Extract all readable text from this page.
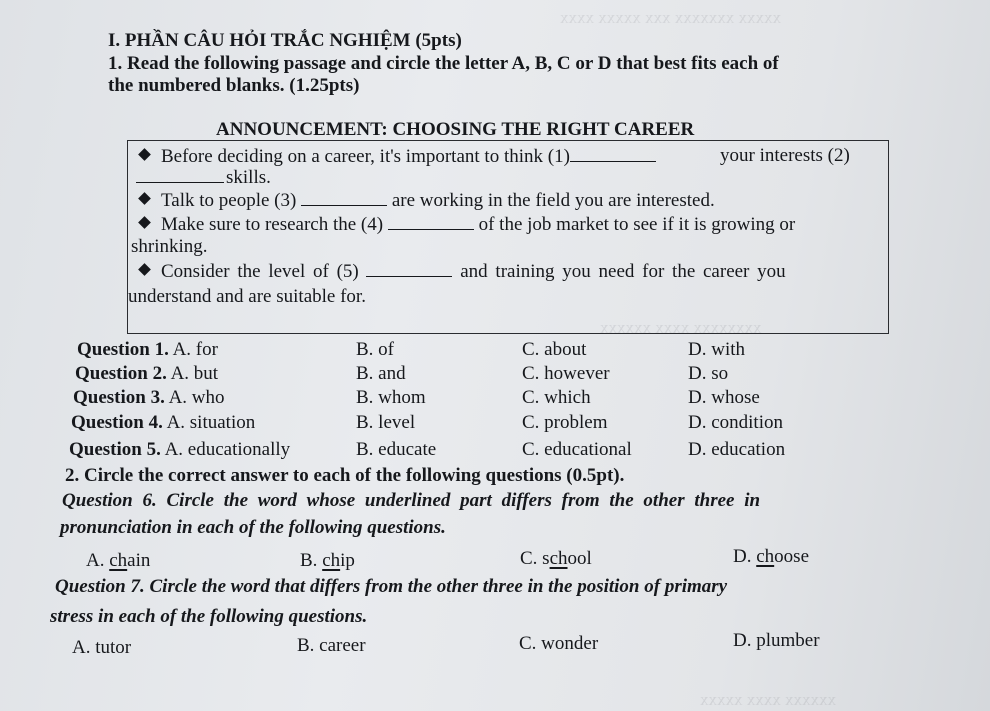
xxxxx xxxxxxx xxx xxxxx xxxx
xxxxxxxx xxxx xxxxxx
xxxxxx xxxx xxxxx
I. PHẦN CÂU HỎI TRẮC NGHIỆM (5pts)
1. Read the following passage and circle the letter A, B, C or D that best fits each of
the numbered blanks. (1.25pts)
ANNOUNCEMENT: CHOOSING THE RIGHT CAREER
Before deciding on a career, it's important to think (1)	your interests (2)
skills.
Talk to people (3)	are working in the field you are interested.
Make sure to research the (4)	of the job market to see if it is growing or
shrinking.
Consider the level of (5)	and training you need for the career you
understand and are suitable for.
Question 1. A. for	B. of	C. about	D. with
Question 2. A. but	B. and	C. however	D. so
Question 3. A. who	B. whom	C. which	D. whose
Question 4. A. situation	B. level	C. problem	D. condition
Question 5. A. educationally	B. educate	C. educational	D. education
2. Circle the correct answer to each of the following questions (0.5pt).
Question 6. Circle the word whose underlined part differs from the other three in
pronunciation in each of the following questions.
A. chain	B. chip	C. school	D. choose
Question 7. Circle the word that differs from the other three in the position of primary
stress in each of the following questions.
A. tutor	B. career	C. wonder	D. plumber
